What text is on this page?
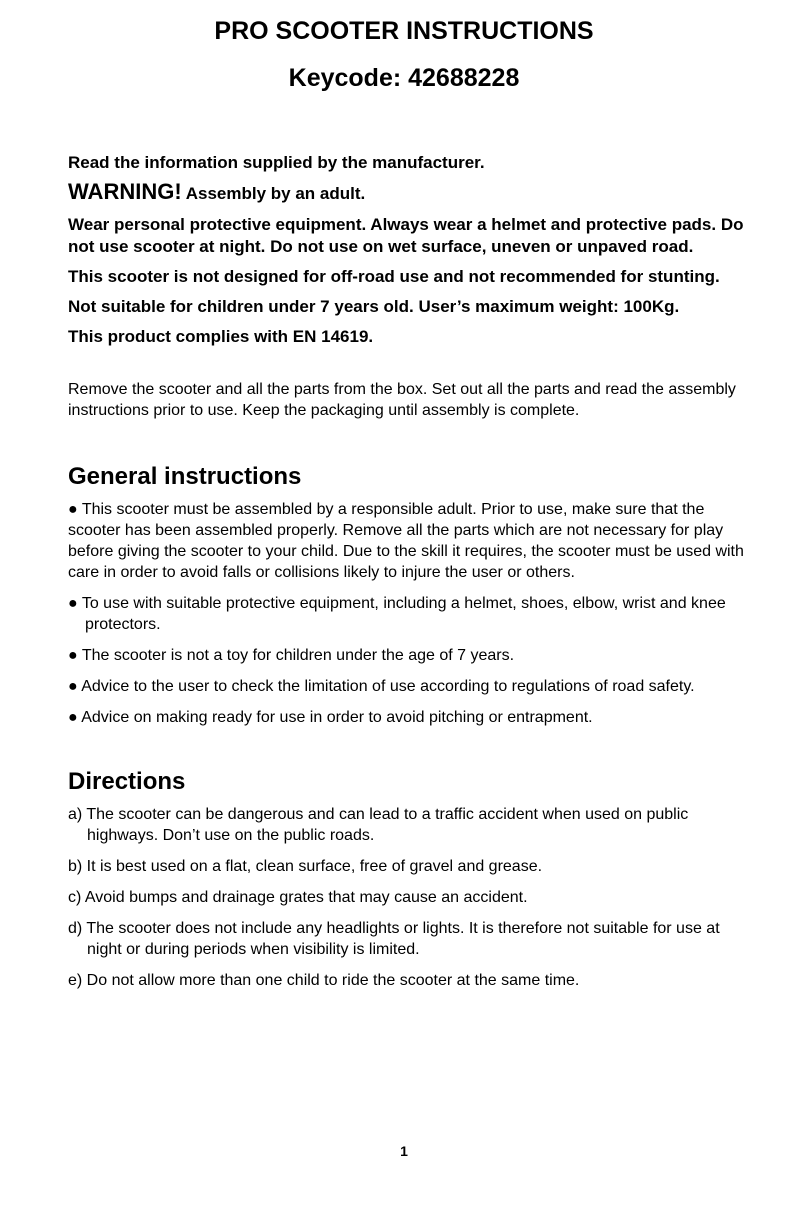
PRO SCOOTER INSTRUCTIONS
Keycode: 42688228

Read the information supplied by the manufacturer.

WARNING! Assembly by an adult.

Wear personal protective equipment. Always wear a helmet and protective pads. Do not use scooter at night. Do not use on wet surface, uneven or unpaved road.

This scooter is not designed for off-road use and not recommended for stunting.

Not suitable for children under 7 years old. User’s maximum weight: 100Kg.

This product complies with EN 14619.

Remove the scooter and all the parts from the box. Set out all the parts and read the assembly instructions prior to use. Keep the packaging until assembly is complete.

General instructions

● This scooter must be assembled by a responsible adult. Prior to use, make sure that the scooter has been assembled properly. Remove all the parts which are not necessary for play before giving the scooter to your child. Due to the skill it requires, the scooter must be used with care in order to avoid falls or collisions likely to injure the user or others.

● To use with suitable protective equipment, including a helmet, shoes, elbow, wrist and knee protectors.

● The scooter is not a toy for children under the age of 7 years.

● Advice to the user to check the limitation of use according to regulations of road safety.

● Advice on making ready for use in order to avoid pitching or entrapment.

Directions

a) The scooter can be dangerous and can lead to a traffic accident when used on public highways. Don’t use on the public roads.

b) It is best used on a flat, clean surface, free of gravel and grease.

c) Avoid bumps and drainage grates that may cause an accident.

d) The scooter does not include any headlights or lights. It is therefore not suitable for use at night or during periods when visibility is limited.

e) Do not allow more than one child to ride the scooter at the same time.

1
